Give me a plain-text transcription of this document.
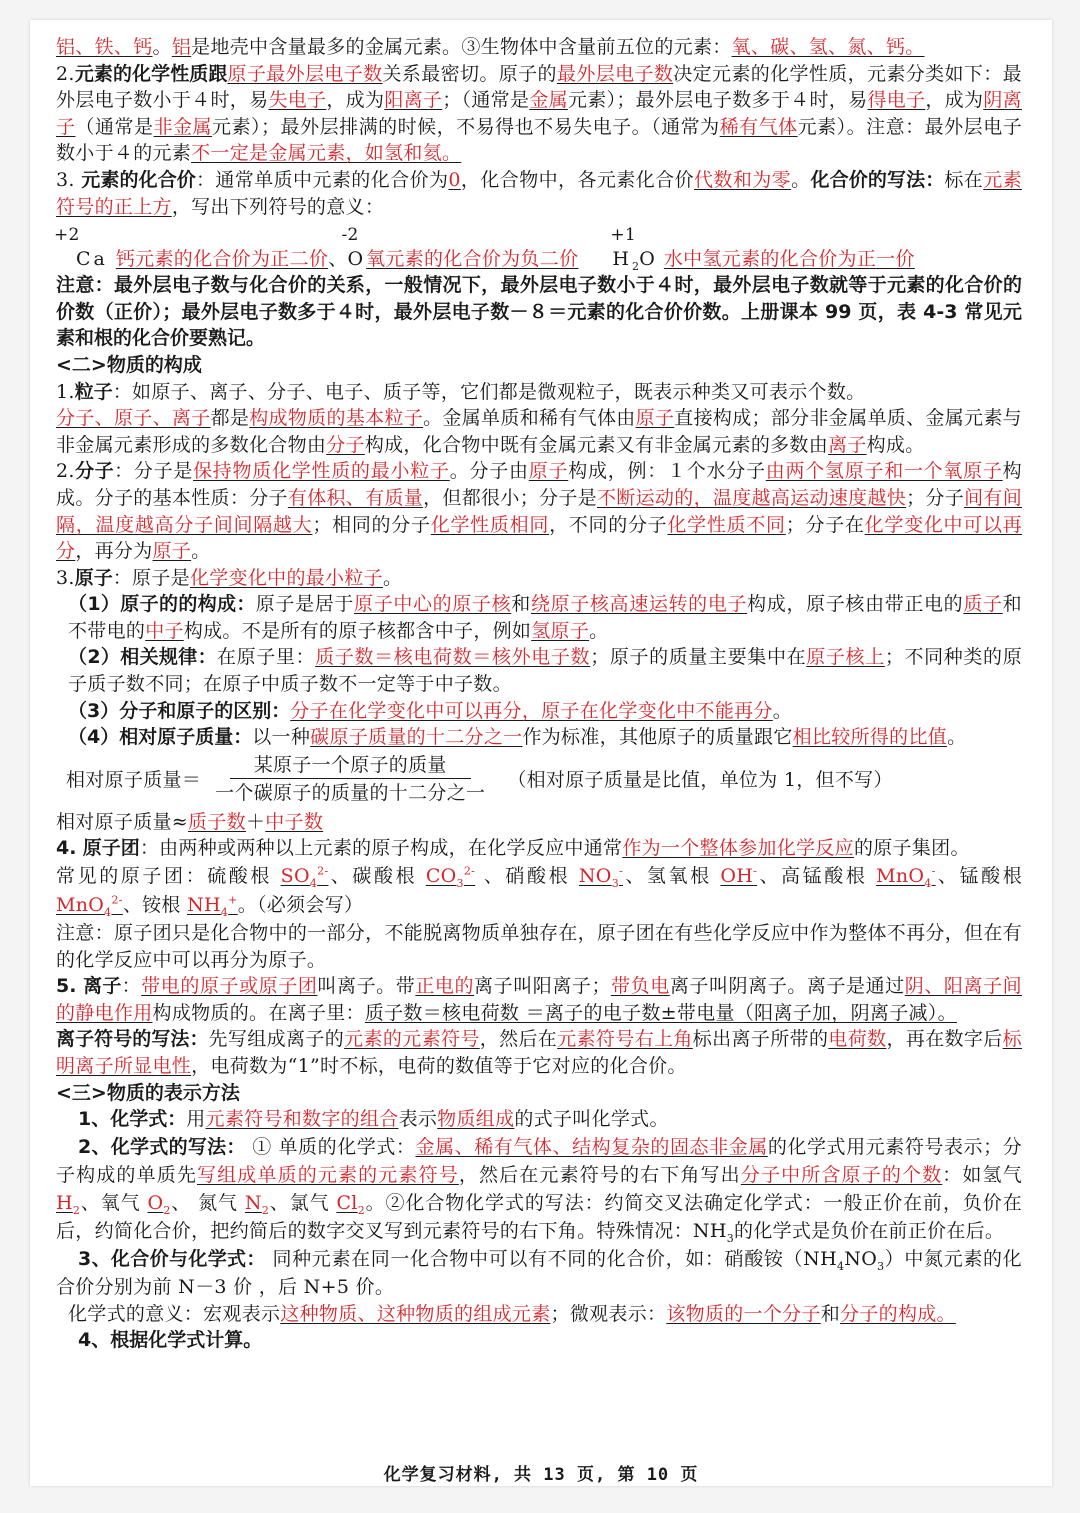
铝、铁、钙。铝是地壳中含量最多的金属元素。③生物体中含量前五位的元素：氧、碳、氢、氮、钙。

2.元素的化学性质跟原子最外层电子数关系最密切。原子的最外层电子数决定元素的化学性质，元素分类如下：最外层电子数小于４时，易失电子，成为阳离子；（通常是金属元素）；最外层电子数多于４时，易得电子，成为阴离子（通常是非金属元素）；最外层排满的时候，不易得也不易失电子。（通常为稀有气体元素）。注意：最外层电子数小于４的元素不一定是金属元素，如氢和氦。

3. 元素的化合价：通常单质中元素的化合价为0，化合物中，各元素化合价代数和为零。化合价的写法：标在元素符号的正上方，写出下列符号的意义：

+2
Ca 钙元素的化合价为正二价 、
-2
O 氧元素的化合价为负二价
+1
$H_2O$ 水中氢元素的化合价为正一价

注意：最外层电子数与化合价的关系，一般情况下，最外层电子数小于４时，最外层电子数就等于元素的化合价的价数（正价）；最外层电子数多于４时，最外层电子数－８＝元素的化合价价数。上册课本 99 页，表 4-3 常见元素和根的化合价要熟记。

<二>物质的构成

1.粒子：如原子、离子、分子、电子、质子等，它们都是微观粒子，既表示种类又可表示个数。
分子、原子、离子都是构成物质的基本粒子。金属单质和稀有气体由原子直接构成；部分非金属单质、金属元素与非金属元素形成的多数化合物由分子构成，化合物中既有金属元素又有非金属元素的多数由离子构成。

2.分子：分子是保持物质化学性质的最小粒子。分子由原子构成，例：１个水分子由两个氢原子和一个氧原子构成。分子的基本性质：分子有体积、有质量，但都很小；分子是不断运动的，温度越高运动速度越快；分子间有间隔，温度越高分子间间隔越大；相同的分子化学性质相同，不同的分子化学性质不同；分子在化学变化中可以再分，再分为原子。

3.原子：原子是化学变化中的最小粒子。

（1）原子的的构成：原子是居于原子中心的原子核和绕原子核高速运转的电子构成，原子核由带正电的质子和不带电的中子构成。不是所有的原子核都含中子，例如氢原子。

（2）相关规律：在原子里：质子数＝核电荷数＝核外电子数；原子的质量主要集中在原子核上；不同种类的原子质子数不同；在原子中质子数不一定等于中子数。

（3）分子和原子的区别：分子在化学变化中可以再分，原子在化学变化中不能再分。

（4）相对原子质量：以一种碳原子质量的十二分之一作为标准，其他原子的质量跟它相比较所得的比值。

相对原子质量＝ $\frac{\text{某原子一个原子的质量}}{\text{一个碳原子的质量的十二分之一}}$ （相对原子质量是比值，单位为 1，但不写）

相对原子质量≈质子数＋中子数

4. 原子团：由两种或两种以上元素的原子构成，在化学反应中通常作为一个整体参加化学反应的原子集团。

常见的原子团：硫酸根 $SO_4^{2-}$、碳酸根 $CO_3^{2-}$ 、硝酸根 $NO_3^-$、氢氧根 OH-、高锰酸根 MnO$_4$-、锰酸根 MnO$_4^{2-}$、铵根 $NH_4^+$。（必须会写）

注意：原子团只是化合物中的一部分，不能脱离物质单独存在，原子团在有些化学反应中作为整体不再分，但在有的化学反应中可以再分为原子。

5. 离子：带电的原子或原子团叫离子。带正电的离子叫阳离子；带负电离子叫阴离子。离子是通过阴、阳离子间的静电作用构成物质的。在离子里：质子数＝核电荷数 ＝离子的电子数±带电量（阳离子加，阴离子减）。

离子符号的写法：先写组成离子的元素的元素符号，然后在元素符号右上角标出离子所带的电荷数，再在数字后标明离子所显电性，电荷数为“1”时不标，电荷的数值等于它对应的化合价。

<三>物质的表示方法

1、化学式：用元素符号和数字的组合表示物质组成的式子叫化学式。

2、化学式的写法： ① 单质的化学式：金属、稀有气体、结构复杂的固态非金属的化学式用元素符号表示；分子构成的单质先写组成单质的元素的元素符号，然后在元素符号的右下角写出分子中所含原子的个数：如氢气 $H_2$、氧气 $O_2$、 氮气 $N_2$、氯气 $Cl_2$。②化合物化学式的写法：约简交叉法确定化学式：一般正价在前，负价在后，约简化合价，把约简后的数字交叉写到元素符号的右下角。特殊情况：$NH_3$的化学式是负价在前正价在后。

3、化合价与化学式： 同种元素在同一化合物中可以有不同的化合价，如：硝酸铵$(NH_4NO_3)$中氮元素的化合价分别为前 N－3 价 ，后 N+5 价。

化学式的意义：宏观表示这种物质、这种物质的组成元素；微观表示：该物质的一个分子和分子的构成。

4、根据化学式计算。

化学复习材料, 共 13 页, 第 10 页
